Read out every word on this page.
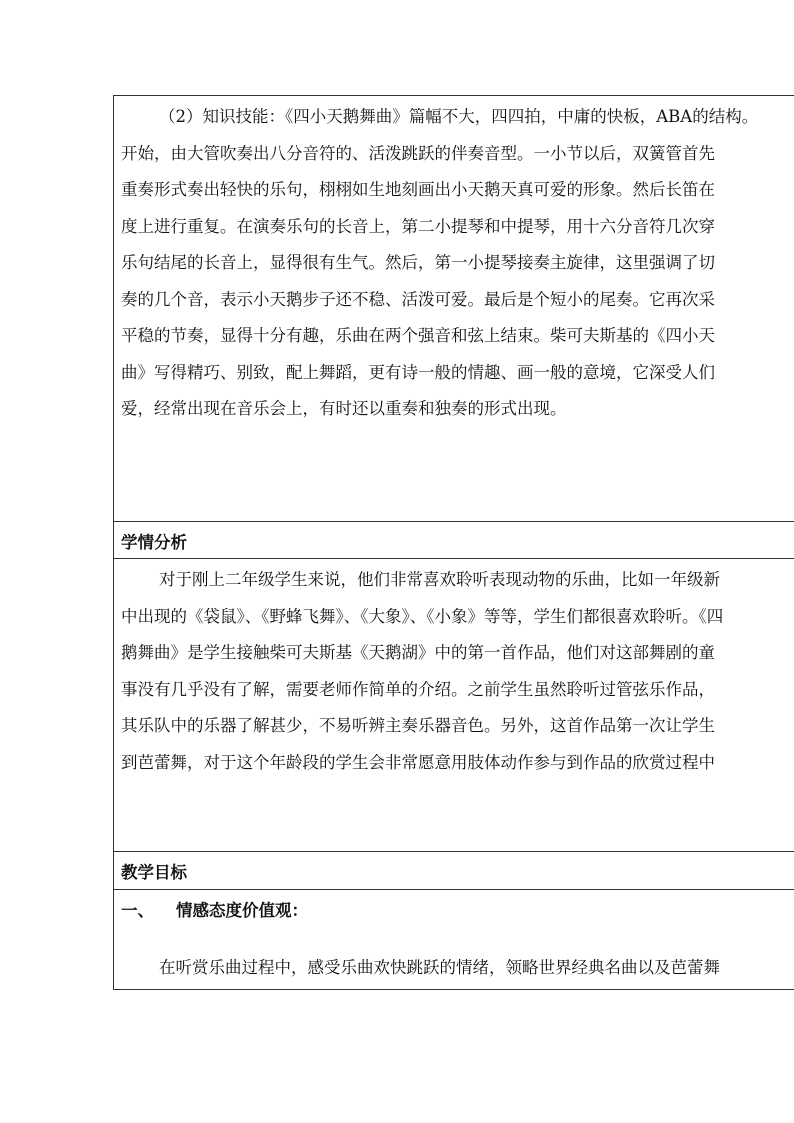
（2）知识技能：《四小天鹅舞曲》篇幅不大，四四拍，中庸的快板，ABA的结构。
开始，由大管吹奏出八分音符的、活泼跳跃的伴奏音型。一小节以后，双簧管首先
重奏形式奏出轻快的乐句，栩栩如生地刻画出小天鹅天真可爱的形象。然后长笛在
度上进行重复。在演奏乐句的长音上，第二小提琴和中提琴，用十六分音符几次穿
乐句结尾的长音上，显得很有生气。然后，第一小提琴接奏主旋律，这里强调了切
奏的几个音，表示小天鹅步子还不稳、活泼可爱。最后是个短小的尾奏。它再次采
平稳的节奏，显得十分有趣，乐曲在两个强音和弦上结束。柴可夫斯基的《四小天
曲》写得精巧、别致，配上舞蹈，更有诗一般的情趣、画一般的意境，它深受人们
爱，经常出现在音乐会上，有时还以重奏和独奏的形式出现。
学情分析
对于刚上二年级学生来说，他们非常喜欢聆听表现动物的乐曲，比如一年级新
中出现的《袋鼠》、《野蜂飞舞》、《大象》、《小象》等等，学生们都很喜欢聆听。《四
鹅舞曲》是学生接触柴可夫斯基《天鹅湖》中的第一首作品，他们对这部舞剧的童
事没有几乎没有了解，需要老师作简单的介绍。之前学生虽然聆听过管弦乐作品，
其乐队中的乐器了解甚少，不易听辨主奏乐器音色。另外，这首作品第一次让学生
到芭蕾舞，对于这个年龄段的学生会非常愿意用肢体动作参与到作品的欣赏过程中
教学目标
一、 情感态度价值观：
在听赏乐曲过程中，感受乐曲欢快跳跃的情绪，领略世界经典名曲以及芭蕾舞
